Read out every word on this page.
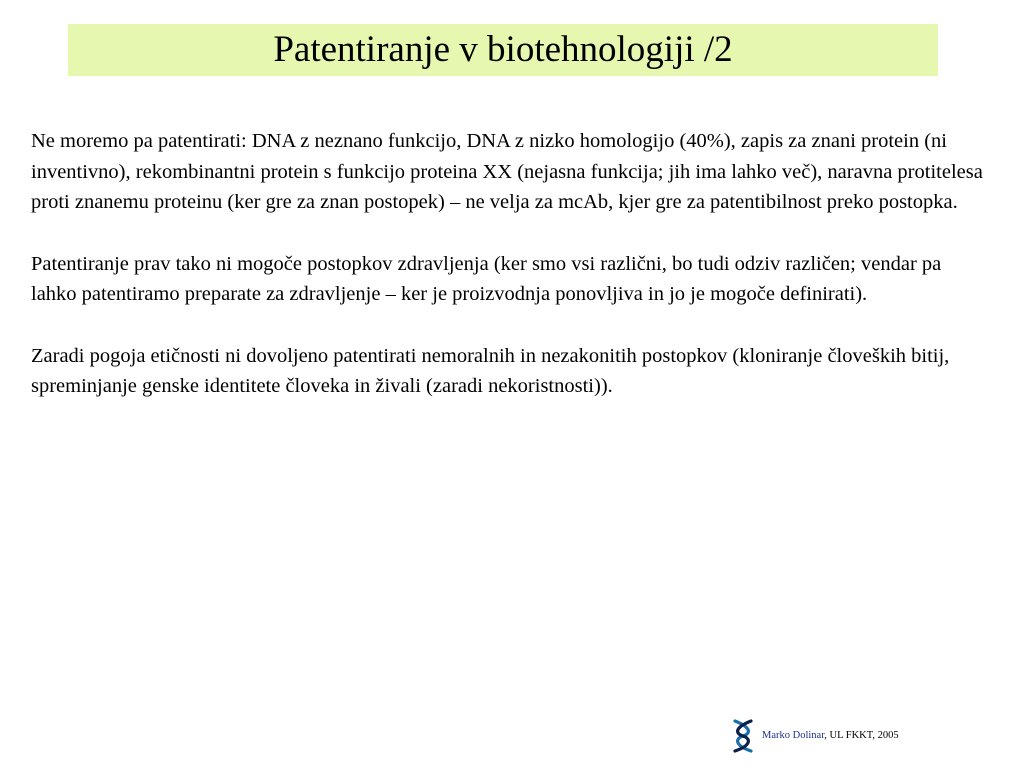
Patentiranje v biotehnologiji /2

Ne moremo pa patentirati: DNA z neznano funkcijo, DNA z nizko homologijo (40%), zapis za znani protein (ni inventivno), rekombinantni protein s funkcijo proteina XX (nejasna funkcija; jih ima lahko več), naravna protitelesa proti znanemu proteinu (ker gre za znan postopek) – ne velja za mcAb, kjer gre za patentibilnost preko postopka.

Patentiranje prav tako ni mogoče postopkov zdravljenja (ker smo vsi različni, bo tudi odziv različen; vendar pa lahko patentiramo preparate za zdravljenje – ker je proizvodnja ponovljiva in jo je mogoče definirati).

Zaradi pogoja etičnosti ni dovoljeno patentirati nemoralnih in nezakonitih postopkov (kloniranje človeških bitij, spreminjanje genske identitete človeka in živali (zaradi nekoristnosti)).

Marko Dolinar, UL FKKT, 2005
